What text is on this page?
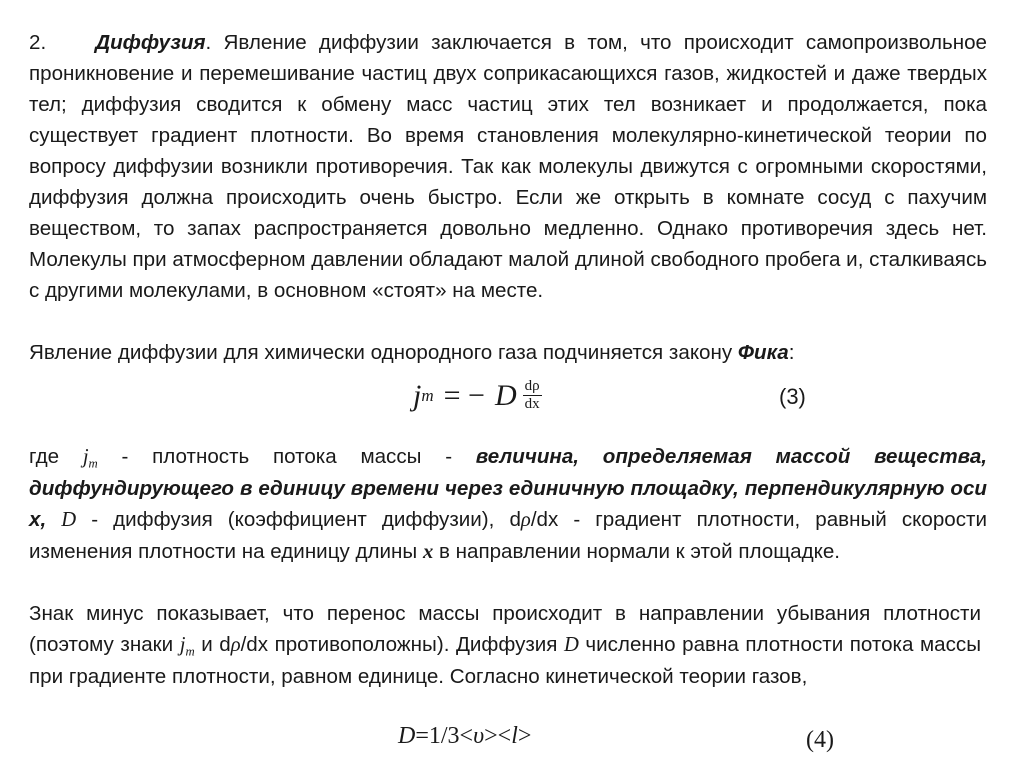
2. Диффузия. Явление диффузии заключается в том, что происходит самопроизвольное проникновение и перемешивание частиц двух соприкасающихся газов, жидкостей и даже твердых тел; диффузия сводится к обмену масс частиц этих тел возникает и продолжается, пока существует градиент плотности. Во время становления молекулярно-кинетической теории по вопросу диффузии возникли противоречия. Так как молекулы движутся с огромными скоростями, диффузия должна происходить очень быстро. Если же открыть в комнате сосуд с пахучим веществом, то запах распространяется довольно медленно. Однако противоречия здесь нет. Молекулы при атмосферном давлении обладают малой длиной свободного пробега и, сталкиваясь с другими молекулами, в основном «стоят» на месте.

Явление диффузии для химически однородного газа подчиняется закону Фика:

j m = − D $\frac{d\rho}{dx}$	(3)

где $j_m$ - плотность потока массы - величина, определяемая массой вещества, диффундирующего в единицу времени через единичную площадку, перпендикулярную оси x, D - диффузия (коэффициент диффузии), dρ/dx - градиент плотности, равный скорости изменения плотности на единицу длины x в направлении нормали к этой площадке.

Знак минус показывает, что перенос массы происходит в направлении убывания плотности (поэтому знаки $j_m$ и dρ/dx противоположны). Диффузия D численно равна плотности потока массы при градиенте плотности, равном единице. Согласно кинетической теории газов,

D=1/3<υ><l>	(4)
